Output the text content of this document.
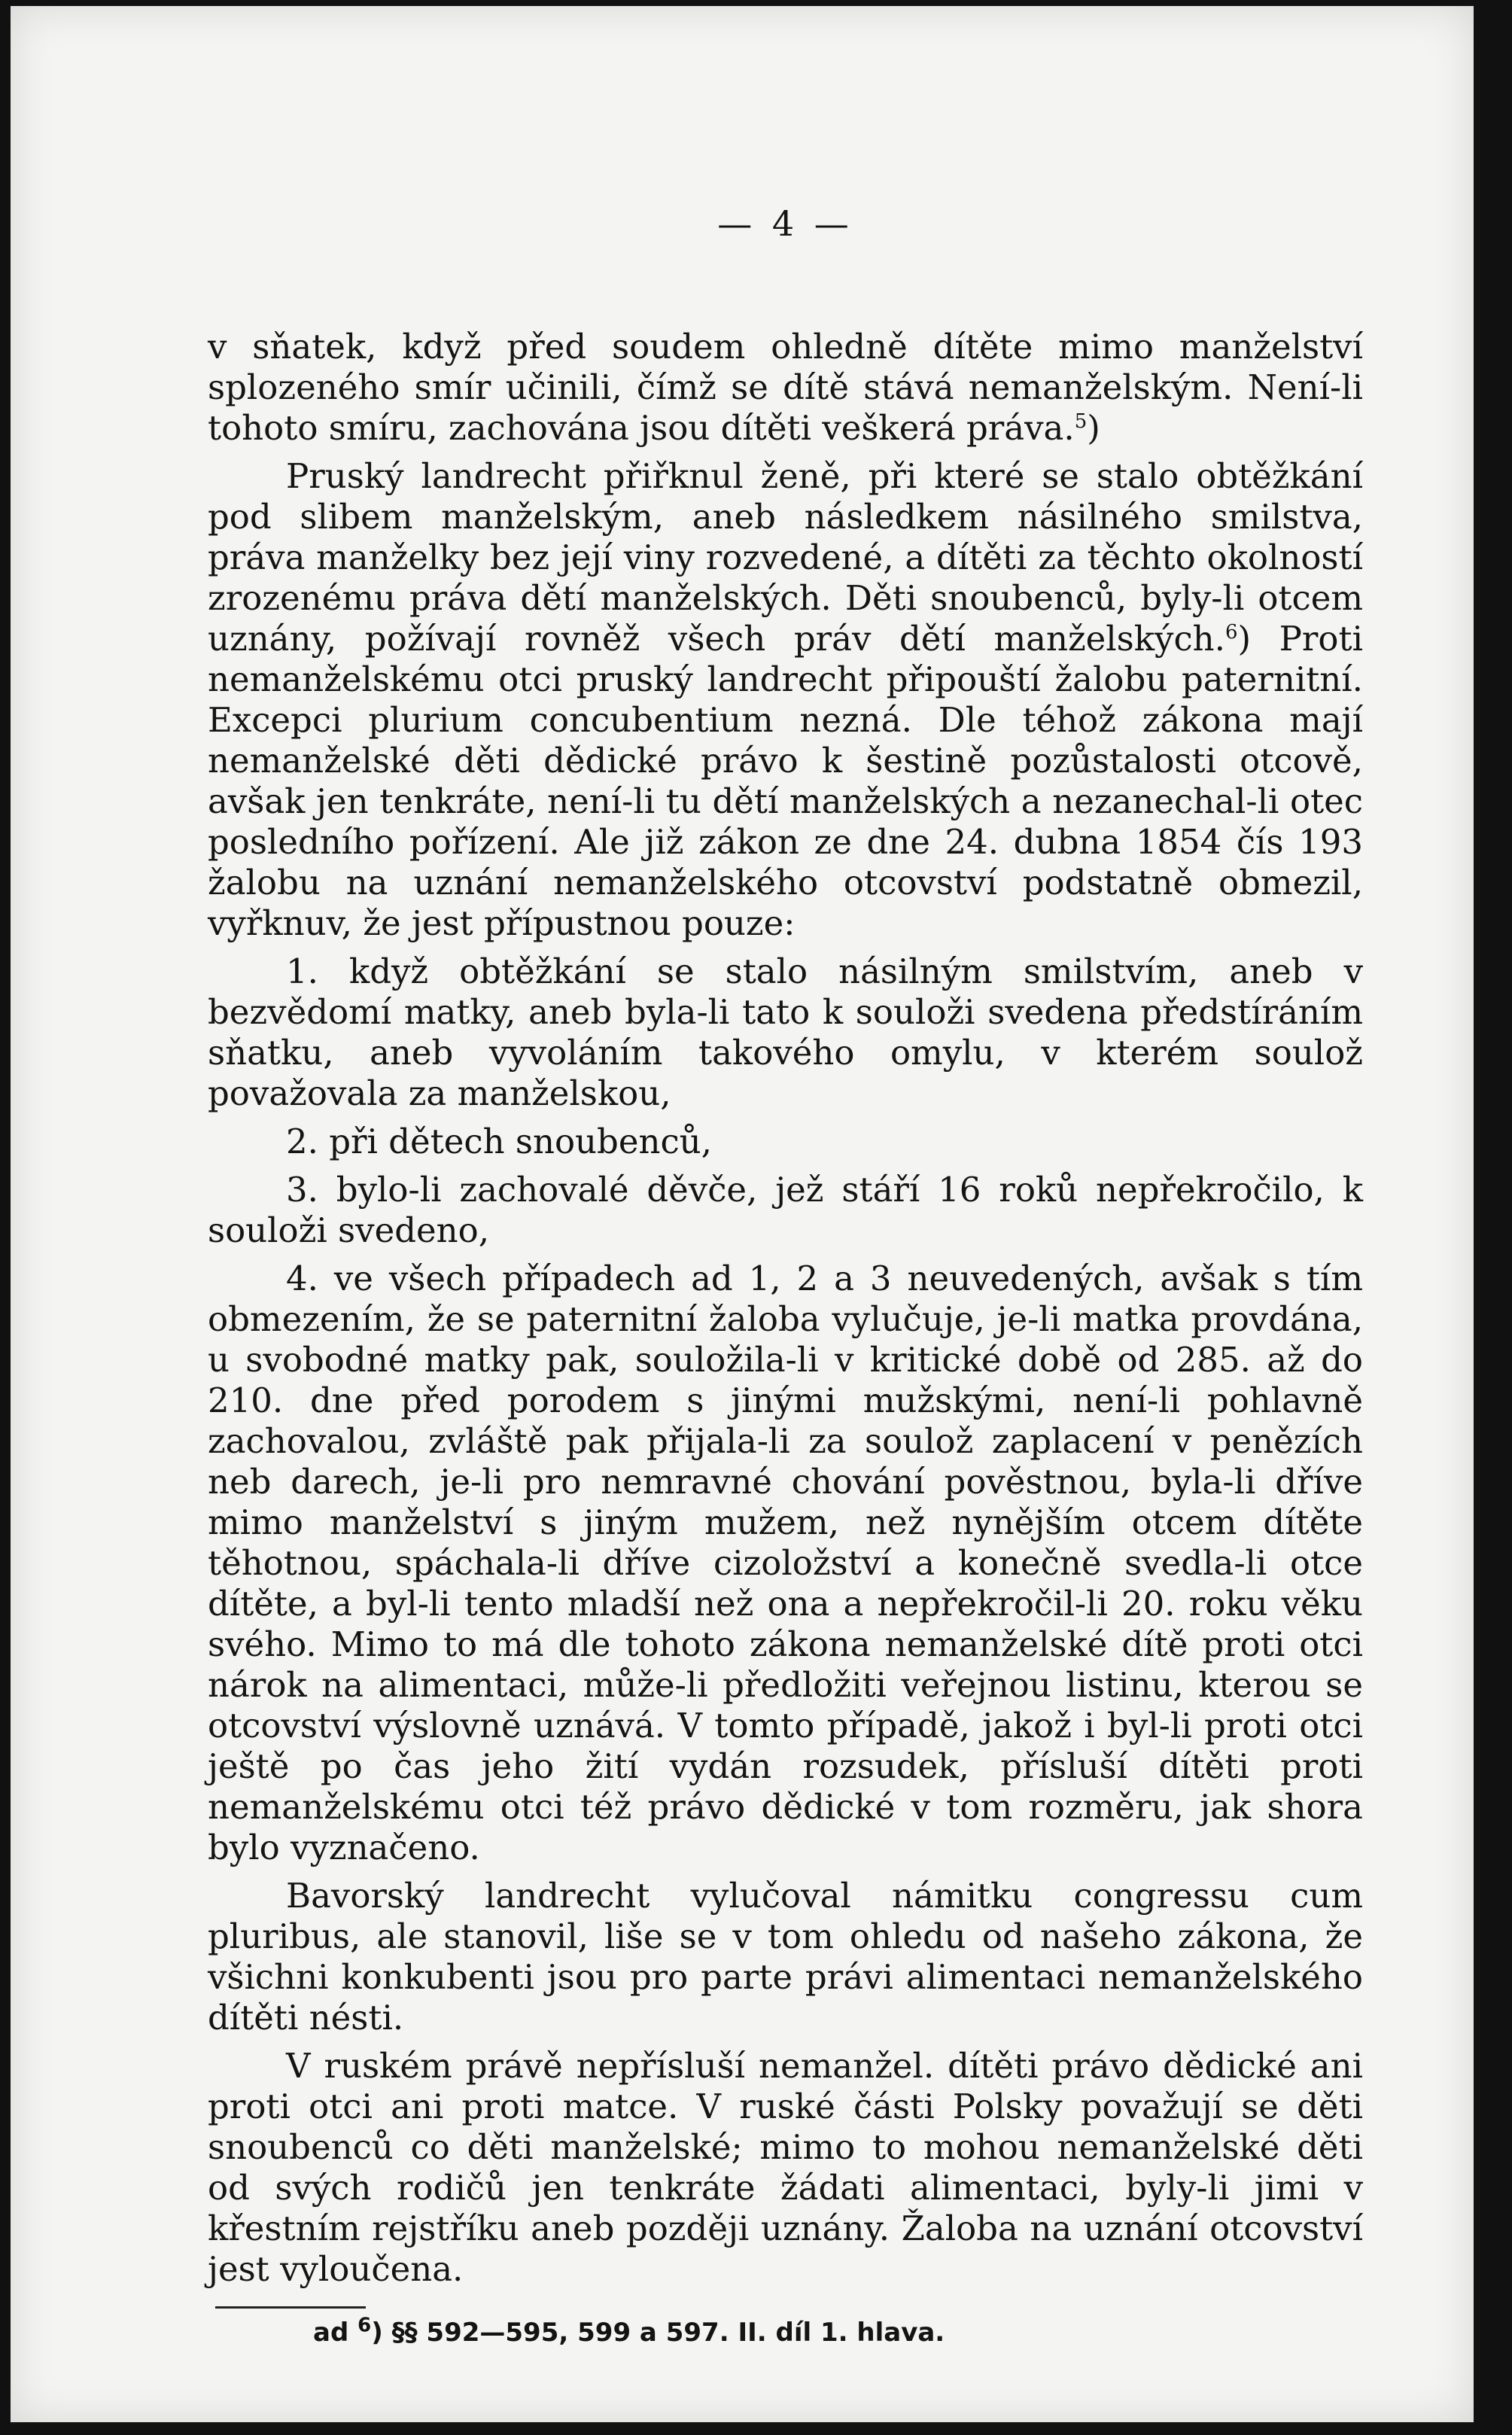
— 4 —

v sňatek, když před soudem ohledně dítěte mimo manželství splozeného smír učinili, čímž se dítě stává nemanželským. Není-li tohoto smíru, zachována jsou dítěti veškerá práva.$^5$)

Pruský landrecht přiřknul ženě, při které se stalo obtěžkání pod slibem manželským, aneb následkem násilného smilstva, práva manželky bez její viny rozvedené, a dítěti za těchto okolností zrozenému práva dětí manželských. Děti snoubenců, byly-li otcem uznány, požívají rovněž všech práv dětí manželských.$^6$) Proti nemanželskému otci pruský landrecht připouští žalobu paternitní. Excepci plurium concubentium nezná. Dle téhož zákona mají nemanželské děti dědické právo k šestině pozůstalosti otcově, avšak jen tenkráte, není-li tu dětí manželských a nezanechal-li otec posledního pořízení. Ale již zákon ze dne 24. dubna 1854 čís 193 žalobu na uznání nemanželského otcovství podstatně obmezil, vyřknuv, že jest přípustnou pouze:

1. když obtěžkání se stalo násilným smilstvím, aneb v bezvědomí matky, aneb byla-li tato k souloži svedena předstíráním sňatku, aneb vyvoláním takového omylu, v kterém soulož považovala za manželskou,
2. při dětech snoubenců,
3. bylo-li zachovalé děvče, jež stáří 16 roků nepřekročilo, k souloži svedeno,
4. ve všech případech ad 1, 2 a 3 neuvedených, avšak s tím obmezením, že se paternitní žaloba vylučuje, je-li matka provdána, u svobodné matky pak, souložila-li v kritické době od 285. až do 210. dne před porodem s jinými mužskými, není-li pohlavně zachovalou, zvláště pak přijala-li za soulož zaplacení v penězích neb darech, je-li pro nemravné chování pověstnou, byla-li dříve mimo manželství s jiným mužem, než nynějším otcem dítěte těhotnou, spáchala-li dříve cizoložství a konečně svedla-li otce dítěte, a byl-li tento mladší než ona a nepřekročil-li 20. roku věku svého. Mimo to má dle tohoto zákona nemanželské dítě proti otci nárok na alimentaci, může-li předložiti veřejnou listinu, kterou se otcovství výslovně uznává. V tomto případě, jakož i byl-li proti otci ještě po čas jeho žití vydán rozsudek, přísluší dítěti proti nemanželskému otci též právo dědické v tom rozměru, jak shora bylo vyznačeno.

Bavorský landrecht vylučoval námitku congressu cum pluribus, ale stanovil, liše se v tom ohledu od našeho zákona, že všichni konkubenti jsou pro parte právi alimentaci nemanželského dítěti nésti.

V ruském právě nepřísluší nemanžel. dítěti právo dědické ani proti otci ani proti matce. V ruské části Polsky považují se děti snoubenců co děti manželské; mimo to mohou nemanželské děti od svých rodičů jen tenkráte žádati alimentaci, byly-li jimi v křestním rejstříku aneb později uznány. Žaloba na uznání otcovství jest vyloučena.

ad $^6$) §§ 592—595, 599 a 597. II. díl 1. hlava.
